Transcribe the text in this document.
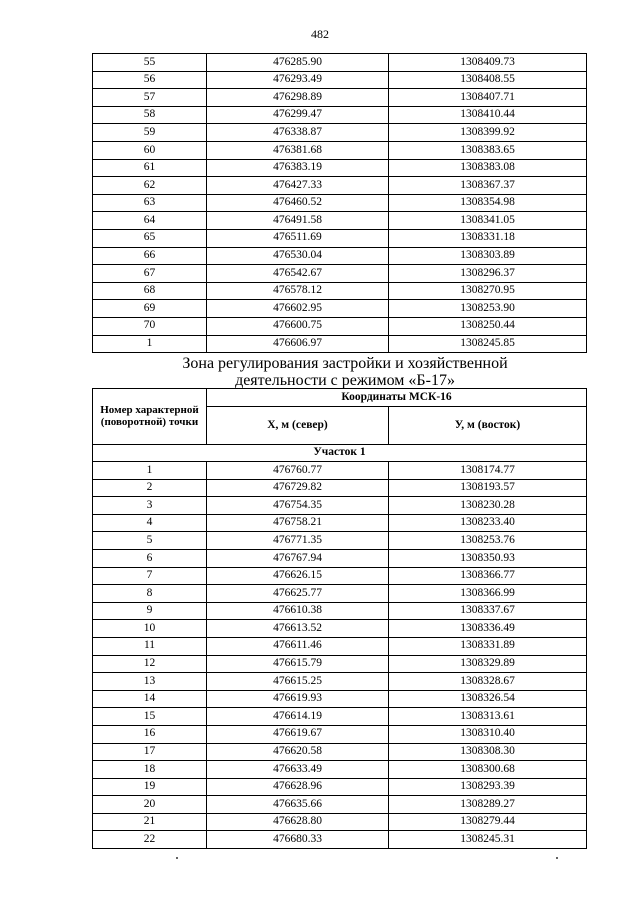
482
55	476285.90	1308409.73
56	476293.49	1308408.55
57	476298.89	1308407.71
58	476299.47	1308410.44
59	476338.87	1308399.92
60	476381.68	1308383.65
61	476383.19	1308383.08
62	476427.33	1308367.37
63	476460.52	1308354.98
64	476491.58	1308341.05
65	476511.69	1308331.18
66	476530.04	1308303.89
67	476542.67	1308296.37
68	476578.12	1308270.95
69	476602.95	1308253.90
70	476600.75	1308250.44
1	476606.97	1308245.85
Зона регулирования застройки и хозяйственной деятельности с режимом «Б-17»
Номер характерной (поворотной) точки	Координаты МСК-16	
	X, м (север)	У, м (восток)
Участок 1		
1	476760.77	1308174.77
2	476729.82	1308193.57
3	476754.35	1308230.28
4	476758.21	1308233.40
5	476771.35	1308253.76
6	476767.94	1308350.93
7	476626.15	1308366.77
8	476625.77	1308366.99
9	476610.38	1308337.67
10	476613.52	1308336.49
11	476611.46	1308331.89
12	476615.79	1308329.89
13	476615.25	1308328.67
14	476619.93	1308326.54
15	476614.19	1308313.61
16	476619.67	1308310.40
17	476620.58	1308308.30
18	476633.49	1308300.68
19	476628.96	1308293.39
20	476635.66	1308289.27
21	476628.80	1308279.44
22	476680.33	1308245.31
